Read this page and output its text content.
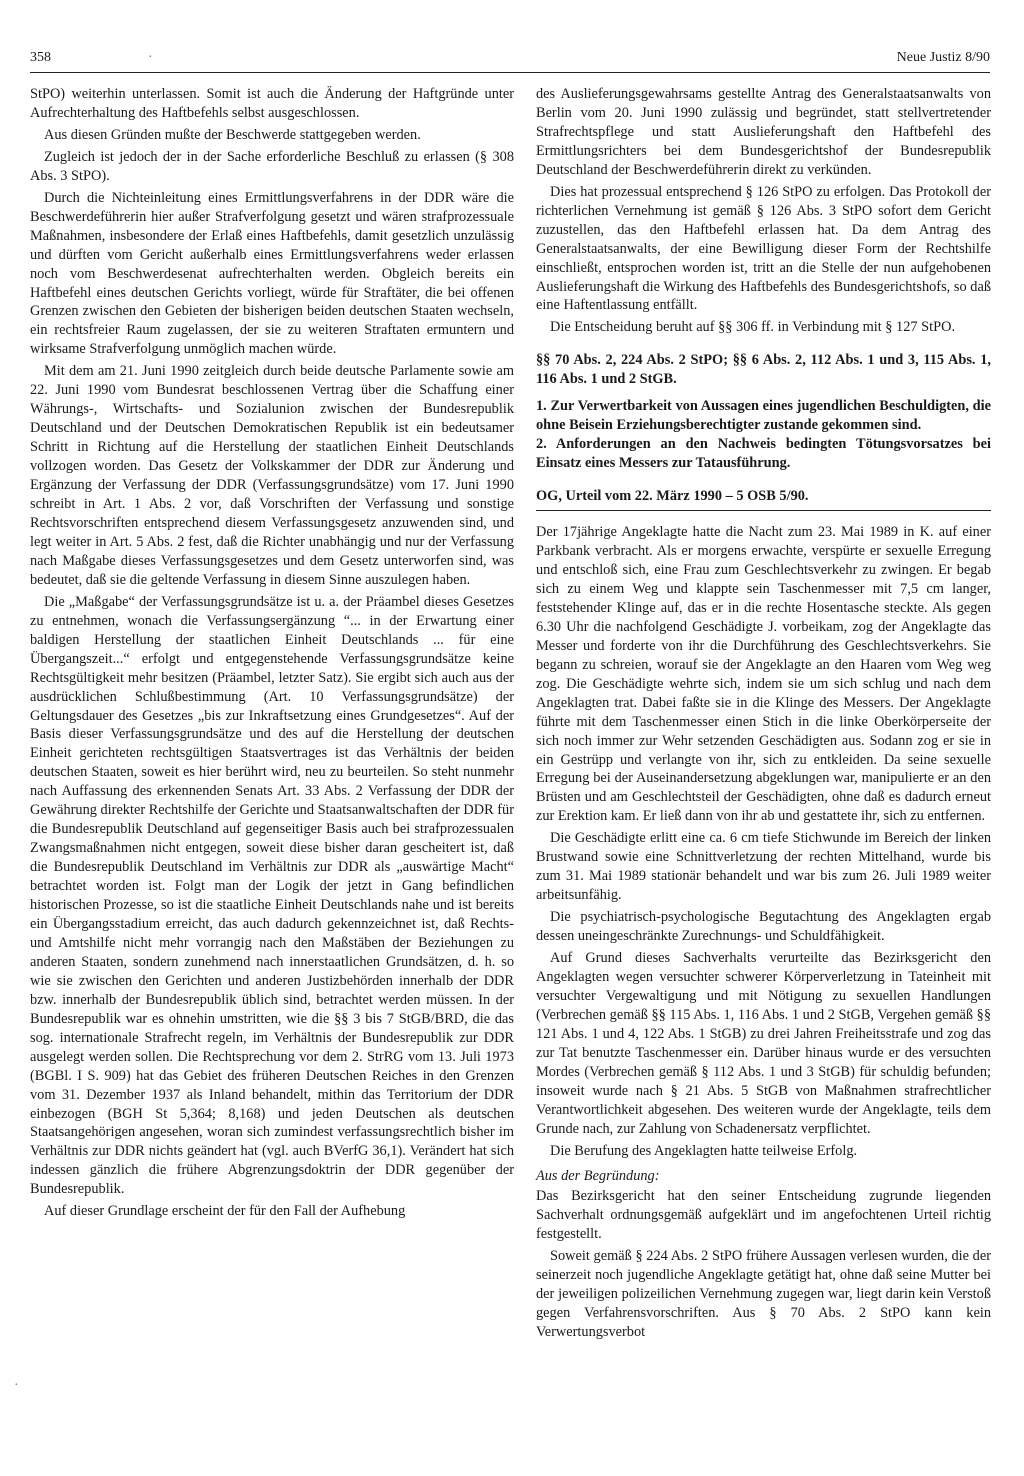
358	Neue Justiz 8/90
·
·

StPO) weiterhin unterlassen. Somit ist auch die Änderung der Haftgründe unter Aufrechterhaltung des Haftbefehls selbst ausgeschlossen.

Aus diesen Gründen mußte der Beschwerde stattgegeben werden.

Zugleich ist jedoch der in der Sache erforderliche Beschluß zu erlassen (§ 308 Abs. 3 StPO).

Durch die Nichteinleitung eines Ermittlungsverfahrens in der DDR wäre die Beschwerdeführerin hier außer Strafverfolgung gesetzt und wären strafprozessuale Maßnahmen, insbesondere der Erlaß eines Haftbefehls, damit gesetzlich unzulässig und dürften vom Gericht außerhalb eines Ermittlungsverfahrens weder erlassen noch vom Beschwerdesenat aufrechterhalten werden. Obgleich bereits ein Haftbefehl eines deutschen Gerichts vorliegt, würde für Straftäter, die bei offenen Grenzen zwischen den Gebieten der bisherigen beiden deutschen Staaten wechseln, ein rechtsfreier Raum zugelassen, der sie zu weiteren Straftaten ermuntern und wirksame Strafverfolgung unmöglich machen würde.

Mit dem am 21. Juni 1990 zeitgleich durch beide deutsche Parlamente sowie am 22. Juni 1990 vom Bundesrat beschlossenen Vertrag über die Schaffung einer Währungs-, Wirtschafts- und Sozialunion zwischen der Bundesrepublik Deutschland und der Deutschen Demokratischen Republik ist ein bedeutsamer Schritt in Richtung auf die Herstellung der staatlichen Einheit Deutschlands vollzogen worden. Das Gesetz der Volkskammer der DDR zur Änderung und Ergänzung der Verfassung der DDR (Verfassungsgrundsätze) vom 17. Juni 1990 schreibt in Art. 1 Abs. 2 vor, daß Vorschriften der Verfassung und sonstige Rechtsvorschriften entsprechend diesem Verfassungsgesetz anzuwenden sind, und legt weiter in Art. 5 Abs. 2 fest, daß die Richter unabhängig und nur der Verfassung nach Maßgabe dieses Verfassungsgesetzes und dem Gesetz unterworfen sind, was bedeutet, daß sie die geltende Verfassung in diesem Sinne auszulegen haben.

Die „Maßgabe“ der Verfassungsgrundsätze ist u. a. der Präambel dieses Gesetzes zu entnehmen, wonach die Verfassungsergänzung “... in der Erwartung einer baldigen Herstellung der staatlichen Einheit Deutschlands ... für eine Übergangszeit...“ erfolgt und entgegenstehende Verfassungsgrundsätze keine Rechtsgültigkeit mehr besitzen (Präambel, letzter Satz). Sie ergibt sich auch aus der ausdrücklichen Schlußbestimmung (Art. 10 Verfassungsgrundsätze) der Geltungsdauer des Gesetzes „bis zur Inkraftsetzung eines Grundgesetzes“. Auf der Basis dieser Verfassungsgrundsätze und des auf die Herstellung der deutschen Einheit gerichteten rechtsgültigen Staatsvertrages ist das Verhältnis der beiden deutschen Staaten, soweit es hier berührt wird, neu zu beurteilen. So steht nunmehr nach Auffassung des erkennenden Senats Art. 33 Abs. 2 Verfassung der DDR der Gewährung direkter Rechtshilfe der Gerichte und Staatsanwaltschaften der DDR für die Bundesrepublik Deutschland auf gegenseitiger Basis auch bei strafprozessualen Zwangsmaßnahmen nicht entgegen, soweit diese bisher daran gescheitert ist, daß die Bundesrepublik Deutschland im Verhältnis zur DDR als „auswärtige Macht“ betrachtet worden ist. Folgt man der Logik der jetzt in Gang befindlichen historischen Prozesse, so ist die staatliche Einheit Deutschlands nahe und ist bereits ein Übergangsstadium erreicht, das auch dadurch gekennzeichnet ist, daß Rechts- und Amtshilfe nicht mehr vorrangig nach den Maßstäben der Beziehungen zu anderen Staaten, sondern zunehmend nach innerstaatlichen Grundsätzen, d. h. so wie sie zwischen den Gerichten und anderen Justizbehörden innerhalb der DDR bzw. innerhalb der Bundesrepublik üblich sind, betrachtet werden müssen. In der Bundesrepublik war es ohnehin umstritten, wie die §§ 3 bis 7 StGB/BRD, die das sog. internationale Strafrecht regeln, im Verhältnis der Bundesrepublik zur DDR ausgelegt werden sollen. Die Rechtsprechung vor dem 2. StrRG vom 13. Juli 1973 (BGBl. I S. 909) hat das Gebiet des früheren Deutschen Reiches in den Grenzen vom 31. Dezember 1937 als Inland behandelt, mithin das Territorium der DDR einbezogen (BGH St 5,364; 8,168) und jeden Deutschen als deutschen Staatsangehörigen angesehen, woran sich zumindest verfassungsrechtlich bisher im Verhältnis zur DDR nichts geändert hat (vgl. auch BVerfG 36,1). Verändert hat sich indessen gänzlich die frühere Abgrenzungsdoktrin der DDR gegenüber der Bundesrepublik.

Auf dieser Grundlage erscheint der für den Fall der Aufhebung

des Auslieferungsgewahrsams gestellte Antrag des Generalstaatsanwalts von Berlin vom 20. Juni 1990 zulässig und begründet, statt stellvertretender Strafrechtspflege und statt Auslieferungshaft den Haftbefehl des Ermittlungsrichters bei dem Bundesgerichtshof der Bundesrepublik Deutschland der Beschwerdeführerin direkt zu verkünden.

Dies hat prozessual entsprechend § 126 StPO zu erfolgen. Das Protokoll der richterlichen Vernehmung ist gemäß § 126 Abs. 3 StPO sofort dem Gericht zuzustellen, das den Haftbefehl erlassen hat. Da dem Antrag des Generalstaatsanwalts, der eine Bewilligung dieser Form der Rechtshilfe einschließt, entsprochen worden ist, tritt an die Stelle der nun aufgehobenen Auslieferungshaft die Wirkung des Haftbefehls des Bundesgerichtshofs, so daß eine Haftentlassung entfällt.

Die Entscheidung beruht auf §§ 306 ff. in Verbindung mit § 127 StPO.

§§ 70 Abs. 2, 224 Abs. 2 StPO; §§ 6 Abs. 2, 112 Abs. 1 und 3, 115 Abs. 1, 116 Abs. 1 und 2 StGB.

1. Zur Verwertbarkeit von Aussagen eines jugendlichen Beschuldigten, die ohne Beisein Erziehungsberechtigter zustande gekommen sind.

2. Anforderungen an den Nachweis bedingten Tötungsvorsatzes bei Einsatz eines Messers zur Tatausführung.

OG, Urteil vom 22. März 1990 – 5 OSB 5/90.

Der 17jährige Angeklagte hatte die Nacht zum 23. Mai 1989 in K. auf einer Parkbank verbracht. Als er morgens erwachte, verspürte er sexuelle Erregung und entschloß sich, eine Frau zum Geschlechtsverkehr zu zwingen. Er begab sich zu einem Weg und klappte sein Taschenmesser mit 7,5 cm langer, feststehender Klinge auf, das er in die rechte Hosentasche steckte. Als gegen 6.30 Uhr die nachfolgend Geschädigte J. vorbeikam, zog der Angeklagte das Messer und forderte von ihr die Durchführung des Geschlechtsverkehrs. Sie begann zu schreien, worauf sie der Angeklagte an den Haaren vom Weg weg zog. Die Geschädigte wehrte sich, indem sie um sich schlug und nach dem Angeklagten trat. Dabei faßte sie in die Klinge des Messers. Der Angeklagte führte mit dem Taschenmesser einen Stich in die linke Oberkörperseite der sich noch immer zur Wehr setzenden Geschädigten aus. Sodann zog er sie in ein Gestrüpp und verlangte von ihr, sich zu entkleiden. Da seine sexuelle Erregung bei der Auseinandersetzung abgeklungen war, manipulierte er an den Brüsten und am Geschlechtsteil der Geschädigten, ohne daß es dadurch erneut zur Erektion kam. Er ließ dann von ihr ab und gestattete ihr, sich zu entfernen.

Die Geschädigte erlitt eine ca. 6 cm tiefe Stichwunde im Bereich der linken Brustwand sowie eine Schnittverletzung der rechten Mittelhand, wurde bis zum 31. Mai 1989 stationär behandelt und war bis zum 26. Juli 1989 weiter arbeitsunfähig.

Die psychiatrisch-psychologische Begutachtung des Angeklagten ergab dessen uneingeschränkte Zurechnungs- und Schuldfähigkeit.

Auf Grund dieses Sachverhalts verurteilte das Bezirksgericht den Angeklagten wegen versuchter schwerer Körperverletzung in Tateinheit mit versuchter Vergewaltigung und mit Nötigung zu sexuellen Handlungen (Verbrechen gemäß §§ 115 Abs. 1, 116 Abs. 1 und 2 StGB, Vergehen gemäß §§ 121 Abs. 1 und 4, 122 Abs. 1 StGB) zu drei Jahren Freiheitsstrafe und zog das zur Tat benutzte Taschenmesser ein. Darüber hinaus wurde er des versuchten Mordes (Verbrechen gemäß § 112 Abs. 1 und 3 StGB) für schuldig befunden; insoweit wurde nach § 21 Abs. 5 StGB von Maßnahmen strafrechtlicher Verantwortlichkeit abgesehen. Des weiteren wurde der Angeklagte, teils dem Grunde nach, zur Zahlung von Schadenersatz verpflichtet.

Die Berufung des Angeklagten hatte teilweise Erfolg.

Aus der Begründung:

Das Bezirksgericht hat den seiner Entscheidung zugrunde liegenden Sachverhalt ordnungsgemäß aufgeklärt und im angefochtenen Urteil richtig festgestellt.

Soweit gemäß § 224 Abs. 2 StPO frühere Aussagen verlesen wurden, die der seinerzeit noch jugendliche Angeklagte getätigt hat, ohne daß seine Mutter bei der jeweiligen polizeilichen Vernehmung zugegen war, liegt darin kein Verstoß gegen Verfahrensvorschriften. Aus § 70 Abs. 2 StPO kann kein Verwertungsverbot
